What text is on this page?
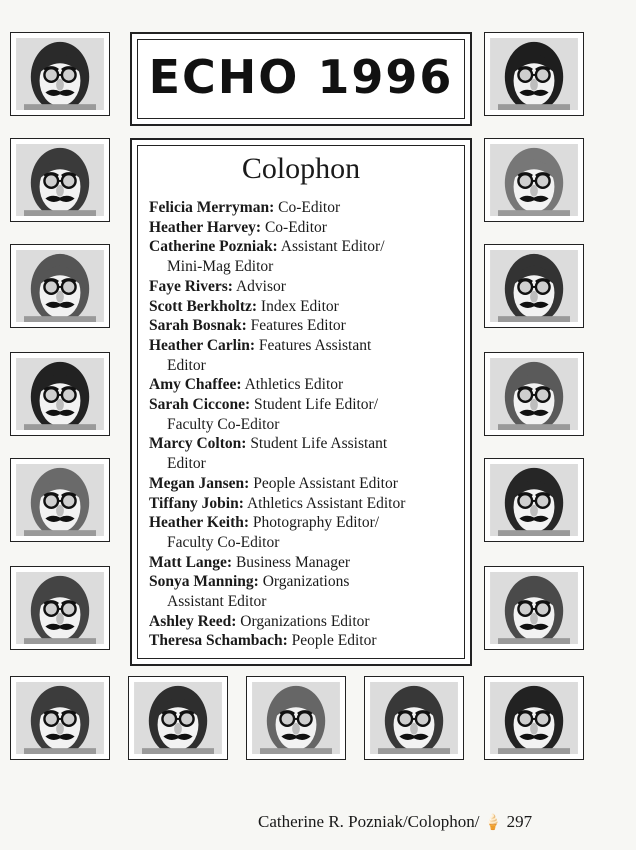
ECHO 1996
Colophon
Felicia Merryman: Co-Editor
Heather Harvey: Co-Editor
Catherine Pozniak: Assistant Editor/
Mini-Mag Editor
Faye Rivers: Advisor
Scott Berkholtz: Index Editor
Sarah Bosnak: Features Editor
Heather Carlin: Features Assistant
Editor
Amy Chaffee: Athletics Editor
Sarah Ciccone: Student Life Editor/
Faculty Co-Editor
Marcy Colton: Student Life Assistant
Editor
Megan Jansen: People Assistant Editor
Tiffany Jobin: Athletics Assistant Editor
Heather Keith: Photography Editor/
Faculty Co-Editor
Matt Lange: Business Manager
Sonya Manning: Organizations
Assistant Editor
Ashley Reed: Organizations Editor
Theresa Schambach: People Editor
Catherine R. Pozniak/Colophon/ 🍦 297
